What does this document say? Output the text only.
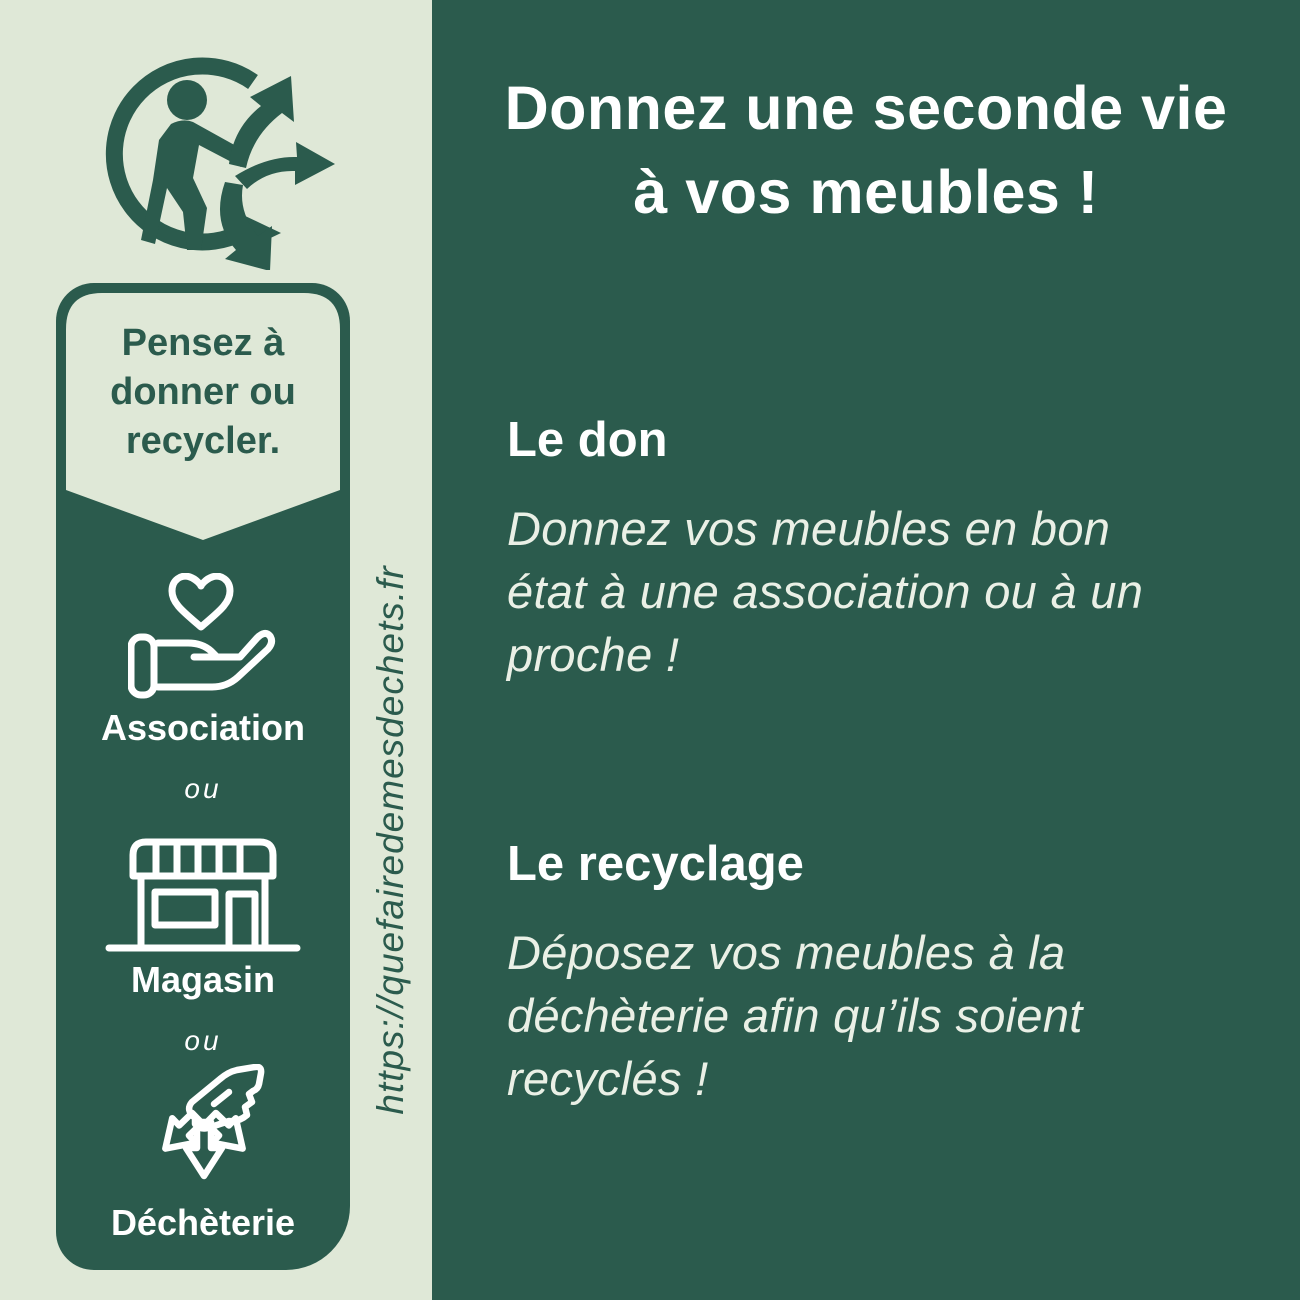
Pensez à
donner ou
recycler.
Association
ou
Magasin
ou
Déchèterie
https://quefairedemesdechets.fr
Donnez une seconde vie
à vos meubles !
Le don
Donnez vos meubles en bon
état à une association ou à un
proche !
Le recyclage
Déposez vos meubles à la
déchèterie afin qu’ils soient
recyclés !
